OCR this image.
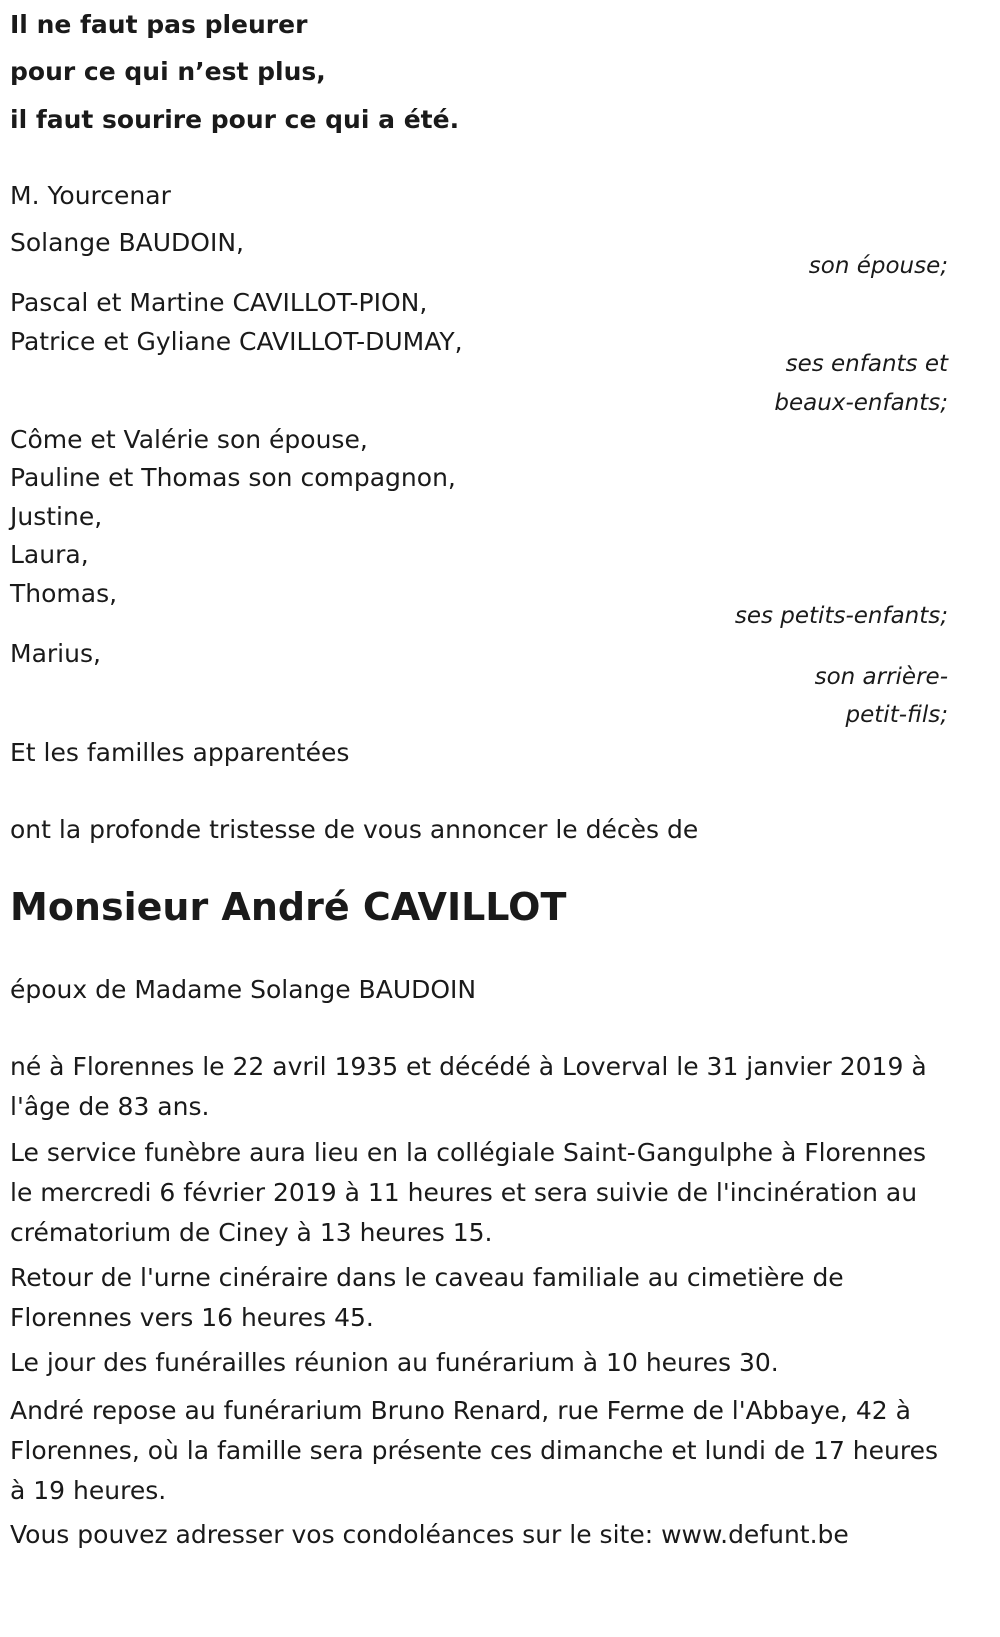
Il ne faut pas pleurer
pour ce qui n’est plus,
il faut sourire pour ce qui a été.
M. Yourcenar
Solange BAUDOIN,
son épouse;
Pascal et Martine CAVILLOT-PION,
Patrice et Gyliane CAVILLOT-DUMAY,
ses enfants et
beaux-enfants;
Côme et Valérie son épouse,
Pauline et Thomas son compagnon,
Justine,
Laura,
Thomas,
ses petits-enfants;
Marius,
son arrière-
petit-fils;
Et les familles apparentées
ont la profonde tristesse de vous annoncer le décès de
Monsieur André CAVILLOT
époux de Madame Solange BAUDOIN
né à Florennes le 22 avril 1935 et décédé à Loverval le 31 janvier 2019 à l'âge de 83 ans.
Le service funèbre aura lieu en la collégiale Saint-Gangulphe à Florennes le mercredi 6 février 2019 à 11 heures et sera suivie de l'incinération au crématorium de Ciney à 13 heures 15.
Retour de l'urne cinéraire dans le caveau familiale au cimetière de Florennes vers 16 heures 45.
Le jour des funérailles réunion au funérarium à 10 heures 30.
André repose au funérarium Bruno Renard, rue Ferme de l'Abbaye, 42 à Florennes, où la famille sera présente ces dimanche et lundi de 17 heures à 19 heures.
Vous pouvez adresser vos condoléances sur le site: www.defunt.be
